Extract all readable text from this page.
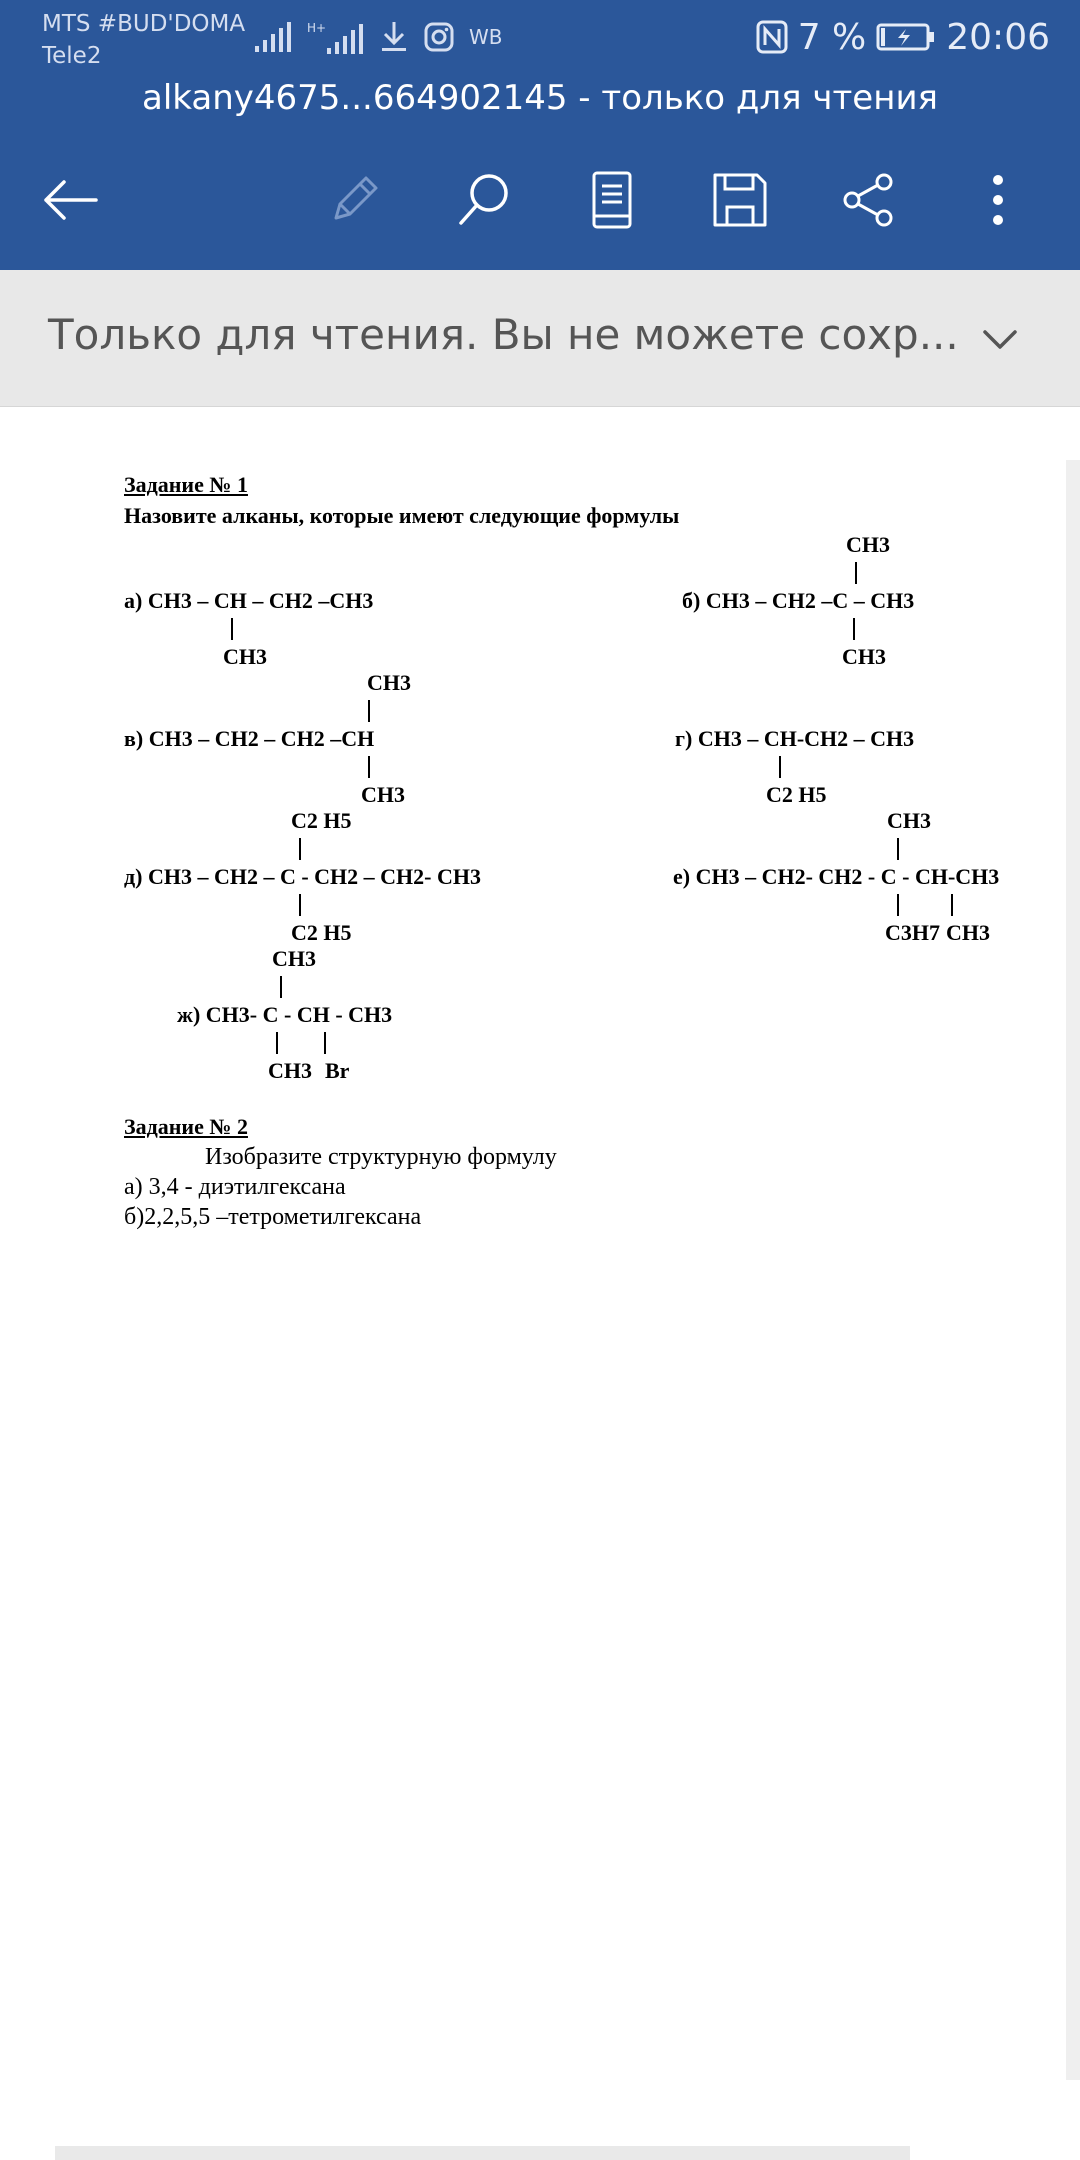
MTS #BUD'DOMA
Tele2
H+	WB	7 % 20:06
alkany4675...664902145 - только для чтения
Только для чтения. Вы не можете сохр...
Задание № 1
Назовите алканы, которые имеют следующие формулы
CH3
а) CH3 – CH – CH2 –CH3
CH3
б) CH3 – CH2 –C – CH3
CH3
CH3
в) CH3 – CH2 – CH2 –CH
CH3
г) CH3 – CH-CH2 – CH3
C2 H5
C2 H5
д) CH3 – CH2 – C - CH2 – CH2- CH3
C2 H5
CH3
е) CH3 – CH2- CH2 - C - CH-CH3
C3H7 CH3
CH3
ж) CH3- C - CH - CH3
CH3 Br
Задание № 2
Изобразите структурную формулу
а) 3,4 - диэтилгексана
б)2,2,5,5 –тетрометилгексана
